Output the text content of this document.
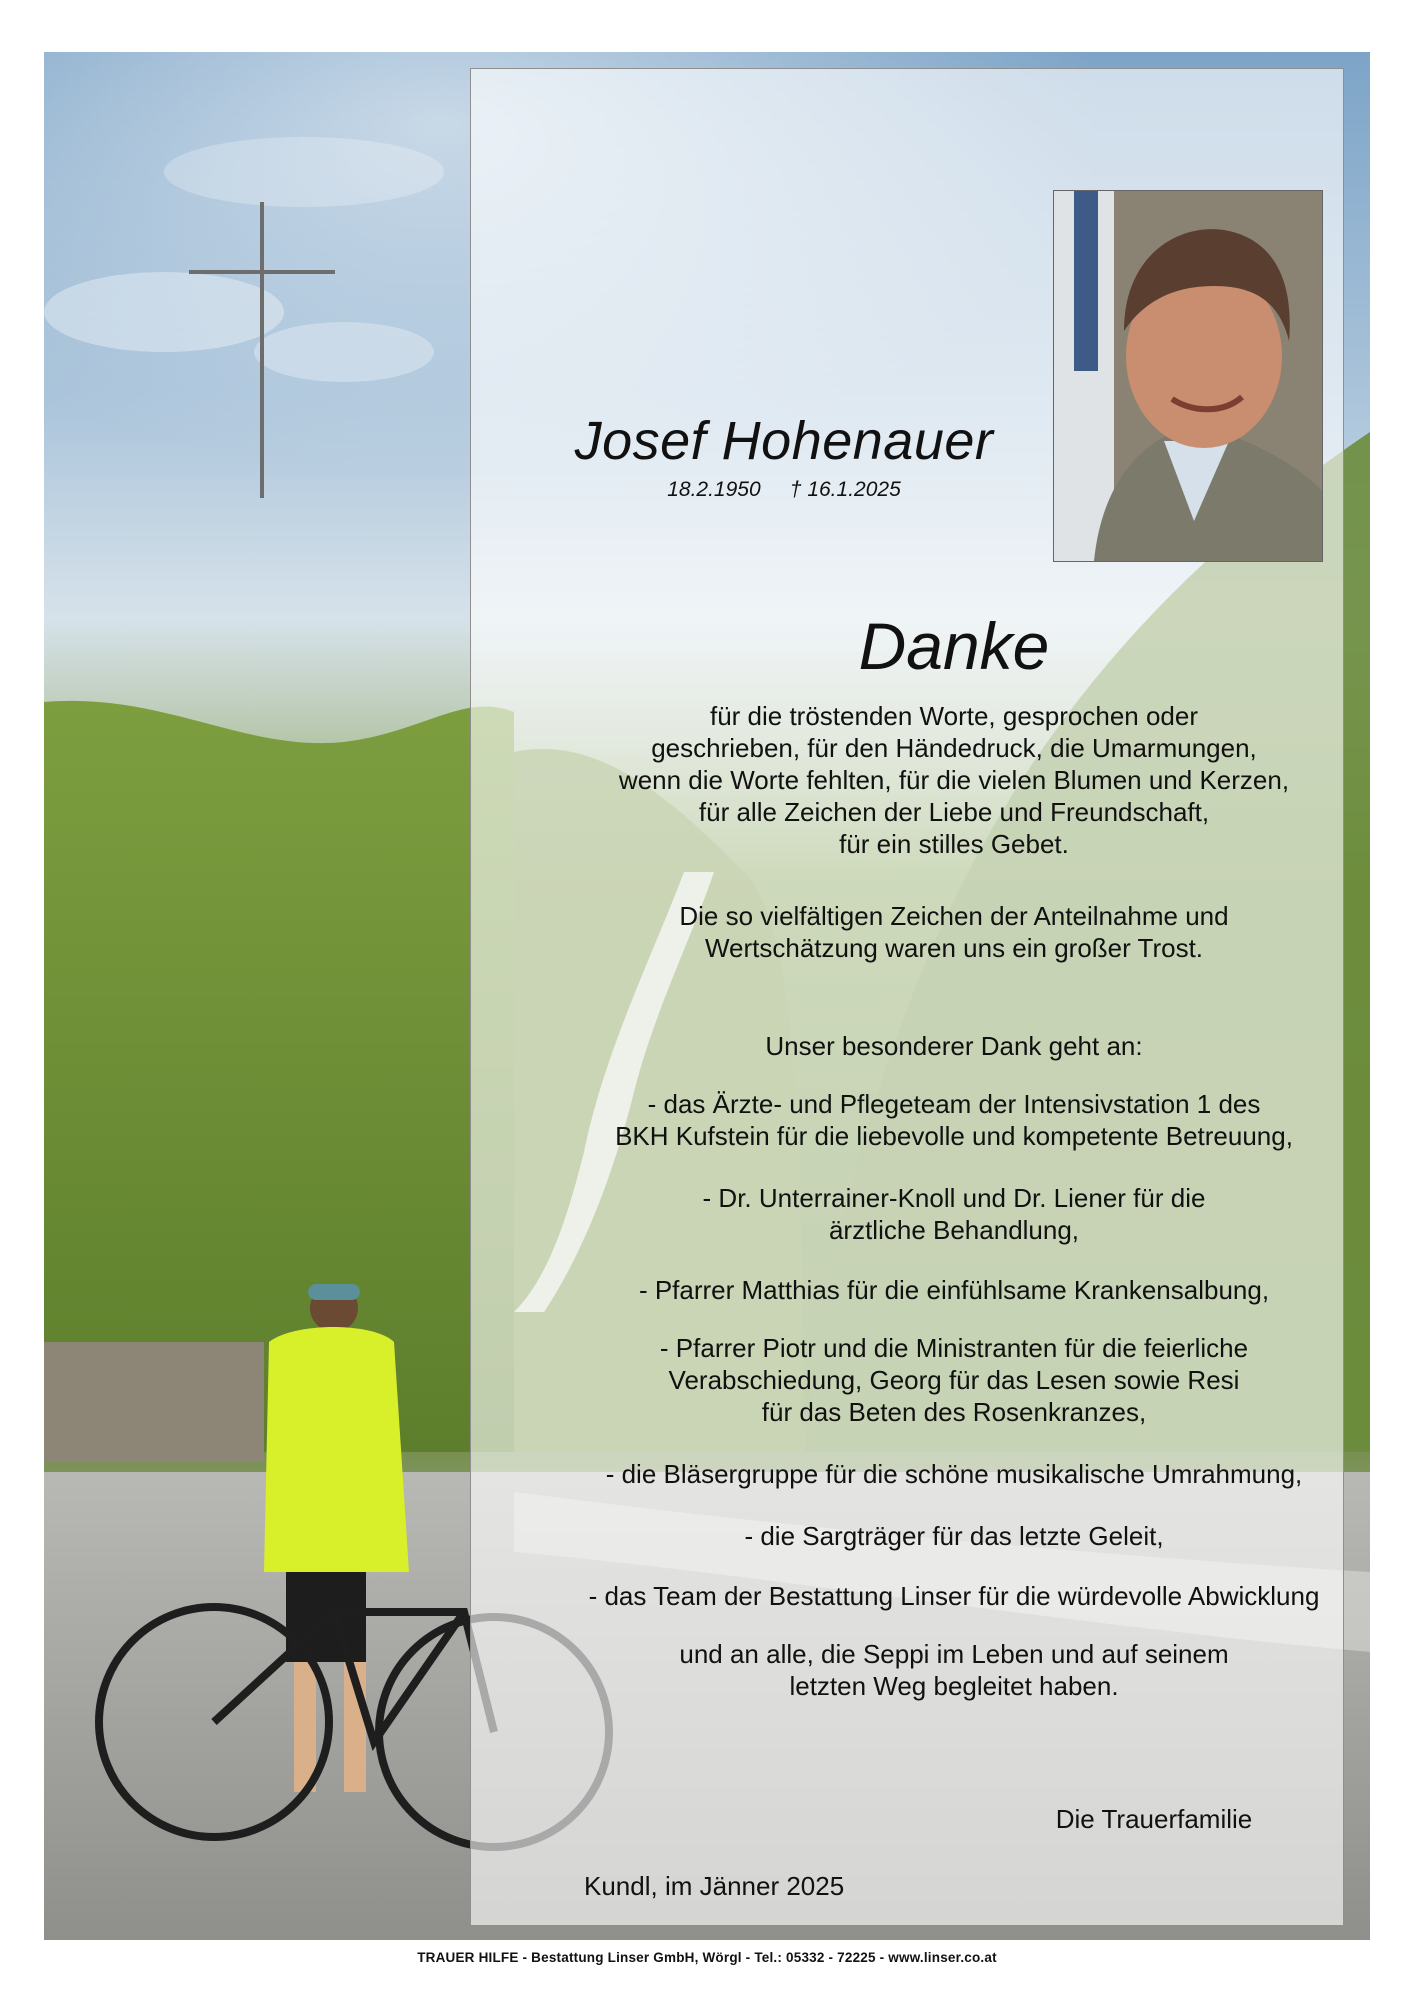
Josef Hohenauer
18.2.1950     † 16.1.2025
Danke
für die tröstenden Worte, gesprochen oder
geschrieben, für den Händedruck, die Umarmungen,
wenn die Worte fehlten, für die vielen Blumen und Kerzen,
für alle Zeichen der Liebe und Freundschaft,
für ein stilles Gebet.
Die so vielfältigen Zeichen der Anteilnahme und
Wertschätzung waren uns ein großer Trost.
Unser besonderer Dank geht an:
- das Ärzte- und Pflegeteam der Intensivstation 1 des
BKH Kufstein für die liebevolle und kompetente Betreuung,
- Dr. Unterrainer-Knoll und Dr. Liener für die
ärztliche Behandlung,
- Pfarrer Matthias für die einfühlsame Krankensalbung,
- Pfarrer Piotr und die Ministranten für die feierliche
Verabschiedung, Georg für das Lesen sowie Resi
für das Beten des Rosenkranzes,
- die Bläsergruppe für die schöne musikalische Umrahmung,
- die Sargträger für das letzte Geleit,
- das Team der Bestattung Linser für die würdevolle Abwicklung
und an alle, die Seppi im Leben und auf seinem
letzten Weg begleitet haben.
Die Trauerfamilie
Kundl, im Jänner 2025
TRAUER HILFE - Bestattung Linser GmbH, Wörgl - Tel.: 05332 - 72225 - www.linser.co.at
